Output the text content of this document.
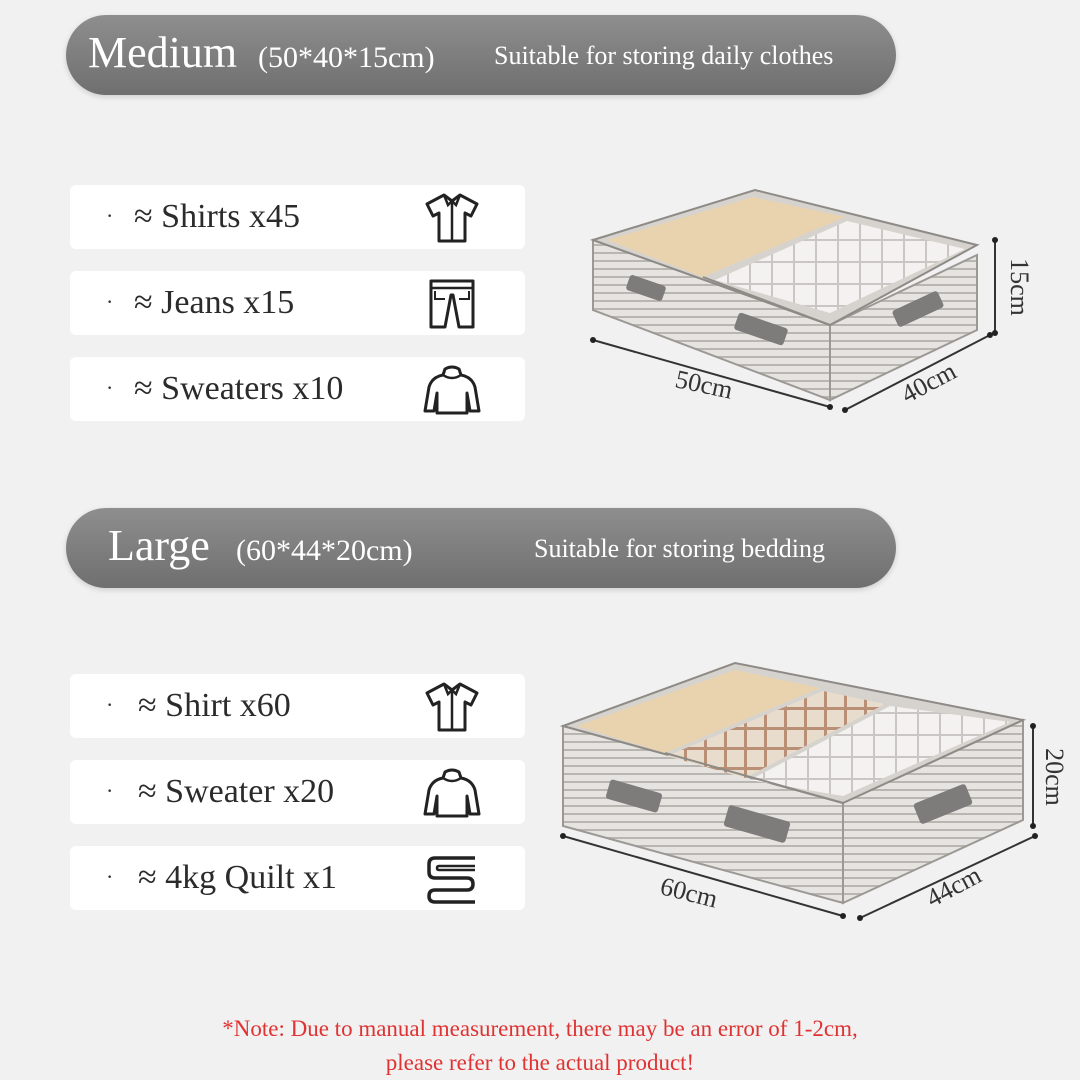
Medium (50*40*15cm) Suitable for storing daily clothes
· ≈ Shirts x45
· ≈ Jeans x15
· ≈ Sweaters x10	50cm	40cm
15cm
Large (60*44*20cm)	Suitable for storing bedding
· ≈ Shirt x60
· ≈ Sweater x20
· ≈ 4kg Quilt x1	60cm	44cm
20cm
*Note: Due to manual measurement, there may be an error of 1-2cm,
please refer to the actual product!
